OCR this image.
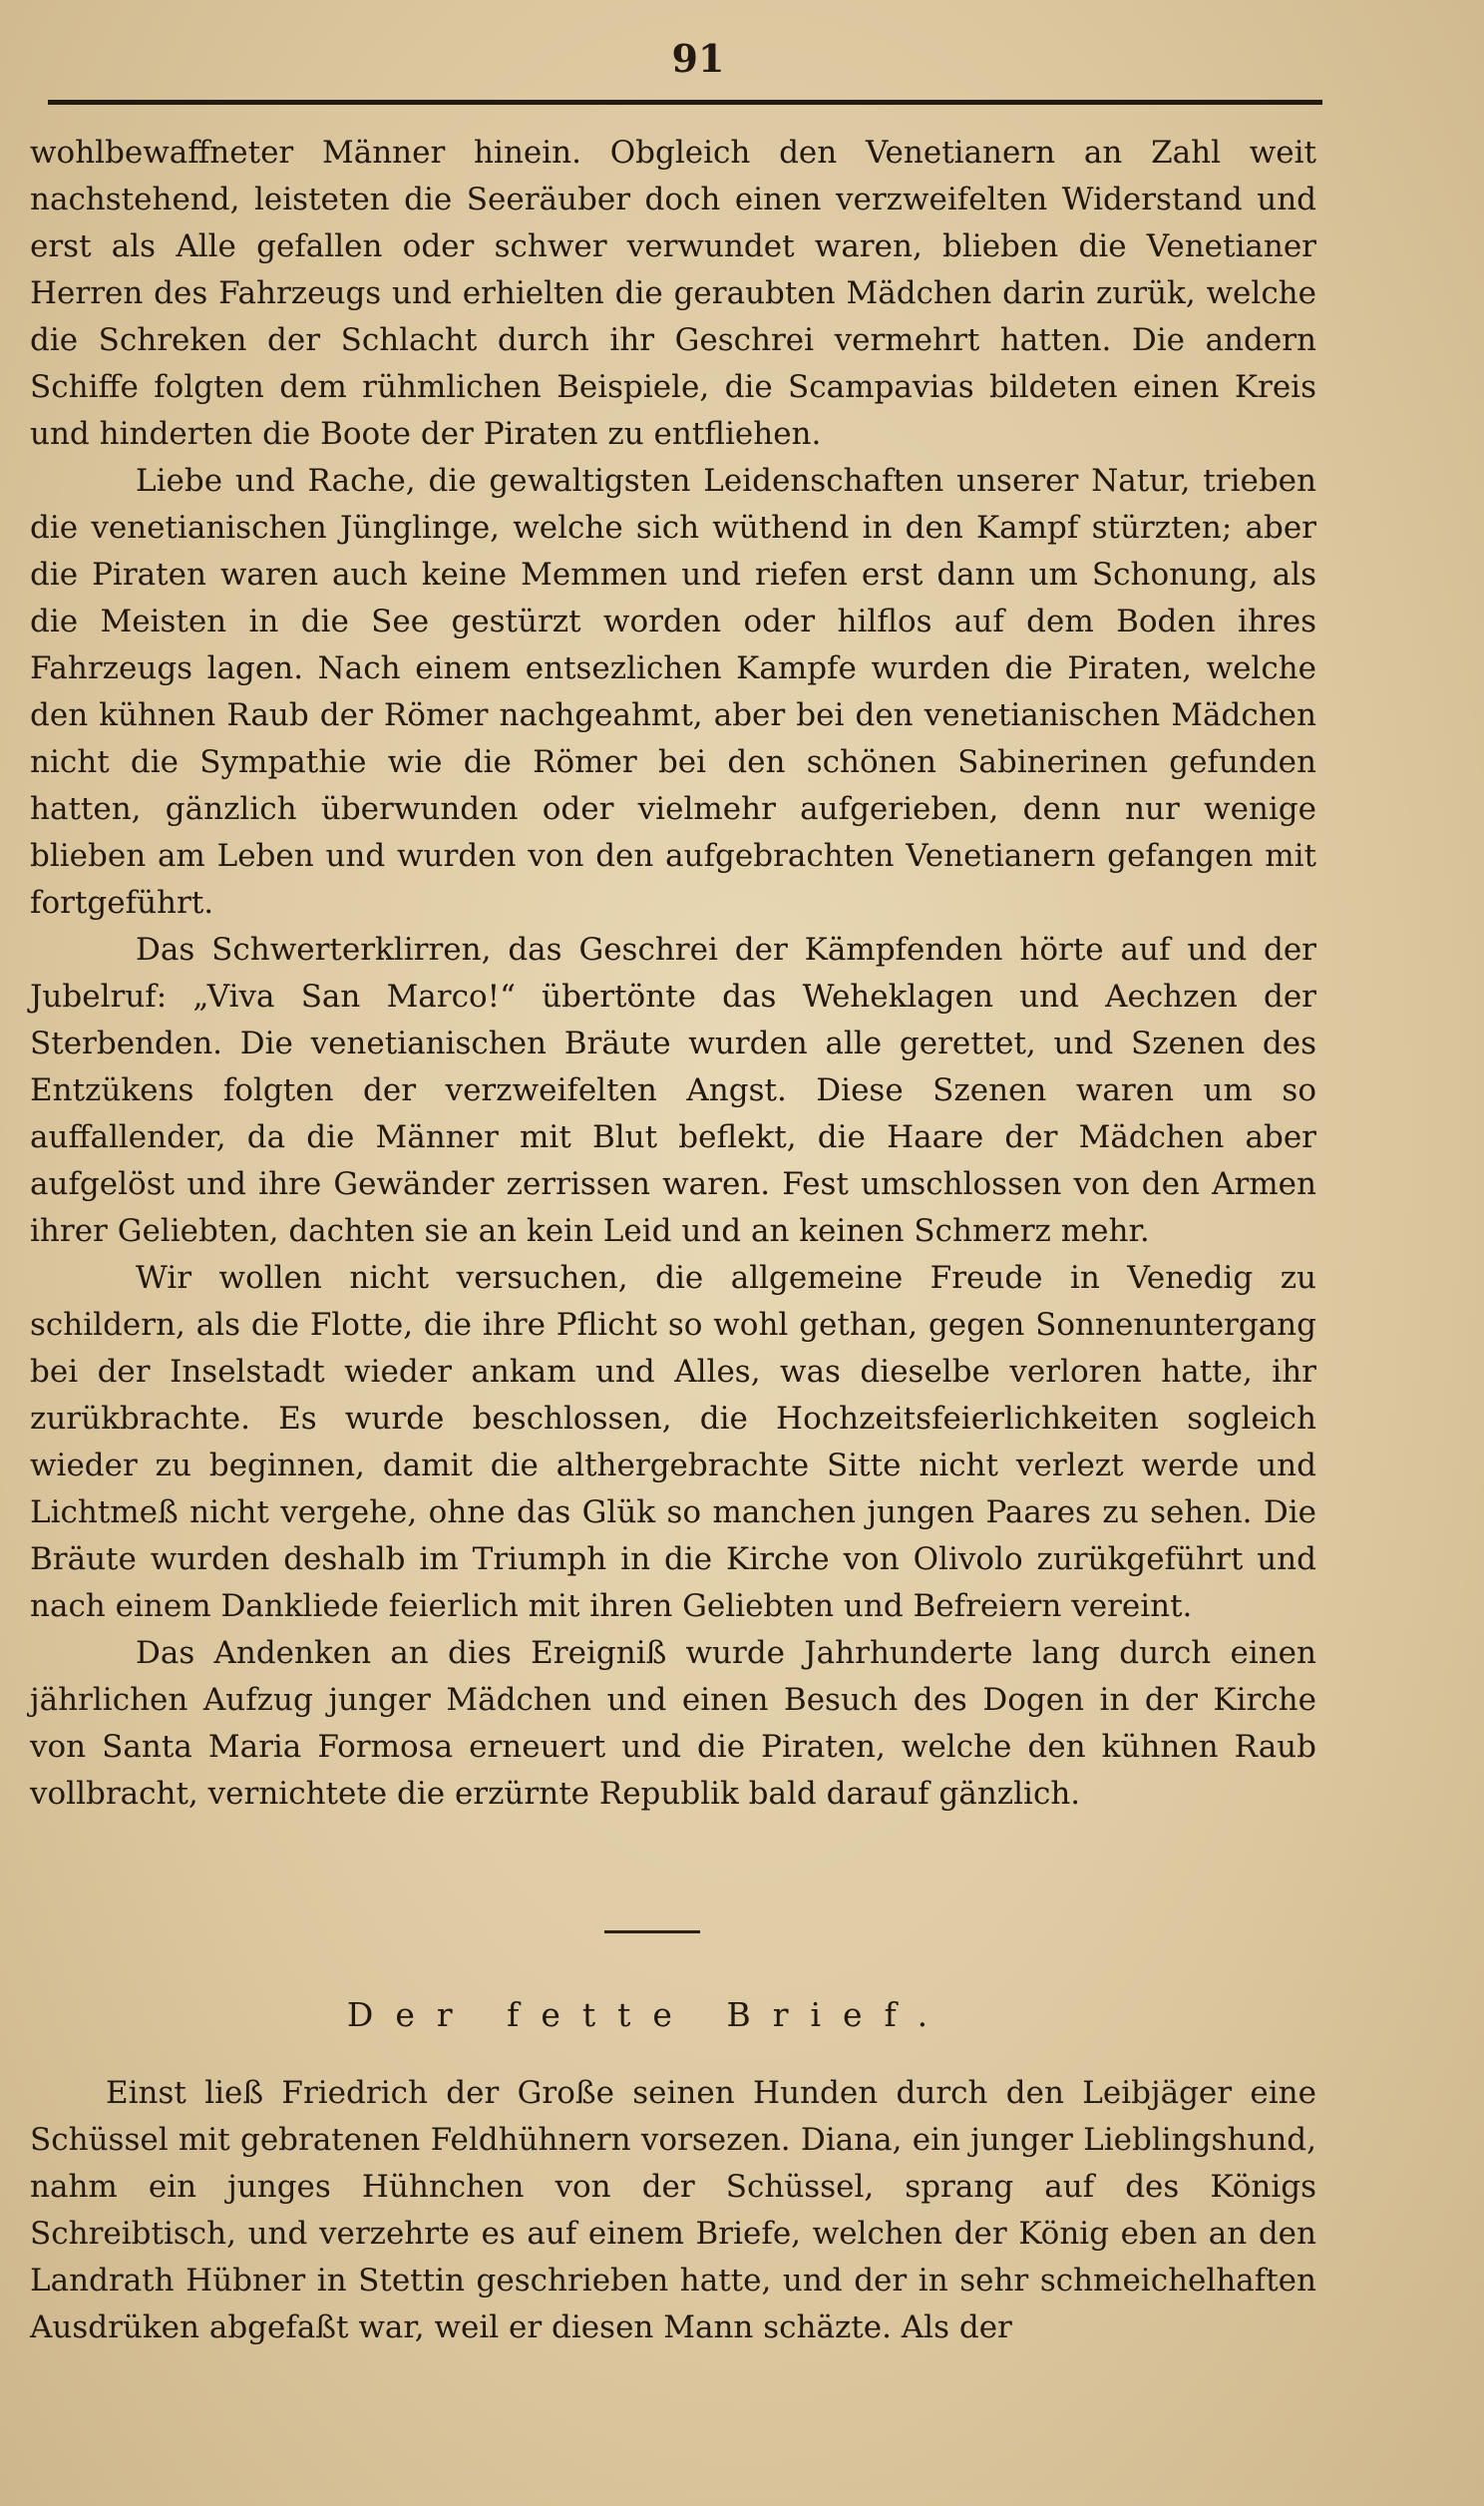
91

wohlbewaffneter Männer hinein. Obgleich den Venetianern an Zahl weit nachstehend, leisteten die Seeräuber doch einen verzweifelten Widerstand und erst als Alle gefallen oder schwer verwundet waren, blieben die Venetianer Herren des Fahrzeugs und erhielten die geraubten Mädchen darin zurük, welche die Schreken der Schlacht durch ihr Geschrei vermehrt hatten. Die andern Schiffe folgten dem rühmlichen Beispiele, die Scampavias bildeten einen Kreis und hinderten die Boote der Piraten zu entfliehen.

Liebe und Rache, die gewaltigsten Leidenschaften unserer Natur, trieben die venetianischen Jünglinge, welche sich wüthend in den Kampf stürzten; aber die Piraten waren auch keine Memmen und riefen erst dann um Schonung, als die Meisten in die See gestürzt worden oder hilflos auf dem Boden ihres Fahrzeugs lagen. Nach einem entsezlichen Kampfe wurden die Piraten, welche den kühnen Raub der Römer nachgeahmt, aber bei den venetianischen Mädchen nicht die Sympathie wie die Römer bei den schönen Sabinerinen gefunden hatten, gänzlich überwunden oder vielmehr aufgerieben, denn nur wenige blieben am Leben und wurden von den aufgebrachten Venetianern gefangen mit fortgeführt.

Das Schwerterklirren, das Geschrei der Kämpfenden hörte auf und der Jubelruf: „Viva San Marco!“ übertönte das Weheklagen und Aechzen der Sterbenden. Die venetianischen Bräute wurden alle gerettet, und Szenen des Entzükens folgten der verzweifelten Angst. Diese Szenen waren um so auffallender, da die Männer mit Blut beflekt, die Haare der Mädchen aber aufgelöst und ihre Gewänder zerrissen waren. Fest umschlossen von den Armen ihrer Geliebten, dachten sie an kein Leid und an keinen Schmerz mehr.

Wir wollen nicht versuchen, die allgemeine Freude in Venedig zu schildern, als die Flotte, die ihre Pflicht so wohl gethan, gegen Sonnenuntergang bei der Inselstadt wieder ankam und Alles, was dieselbe verloren hatte, ihr zurükbrachte. Es wurde beschlossen, die Hochzeitsfeierlichkeiten sogleich wieder zu beginnen, damit die althergebrachte Sitte nicht verlezt werde und Lichtmeß nicht vergehe, ohne das Glük so manchen jungen Paares zu sehen. Die Bräute wurden deshalb im Triumph in die Kirche von Olivolo zurükgeführt und nach einem Dankliede feierlich mit ihren Geliebten und Befreiern vereint.

Das Andenken an dies Ereigniß wurde Jahrhunderte lang durch einen jährlichen Aufzug junger Mädchen und einen Besuch des Dogen in der Kirche von Santa Maria Formosa erneuert und die Piraten, welche den kühnen Raub vollbracht, vernichtete die erzürnte Republik bald darauf gänzlich.

Der fette Brief.

Einst ließ Friedrich der Große seinen Hunden durch den Leibjäger eine Schüssel mit gebratenen Feldhühnern vorsezen. Diana, ein junger Lieblingshund, nahm ein junges Hühnchen von der Schüssel, sprang auf des Königs Schreibtisch, und verzehrte es auf einem Briefe, welchen der König eben an den Landrath Hübner in Stettin geschrieben hatte, und der in sehr schmeichelhaften Ausdrüken abgefaßt war, weil er diesen Mann schäzte. Als der
